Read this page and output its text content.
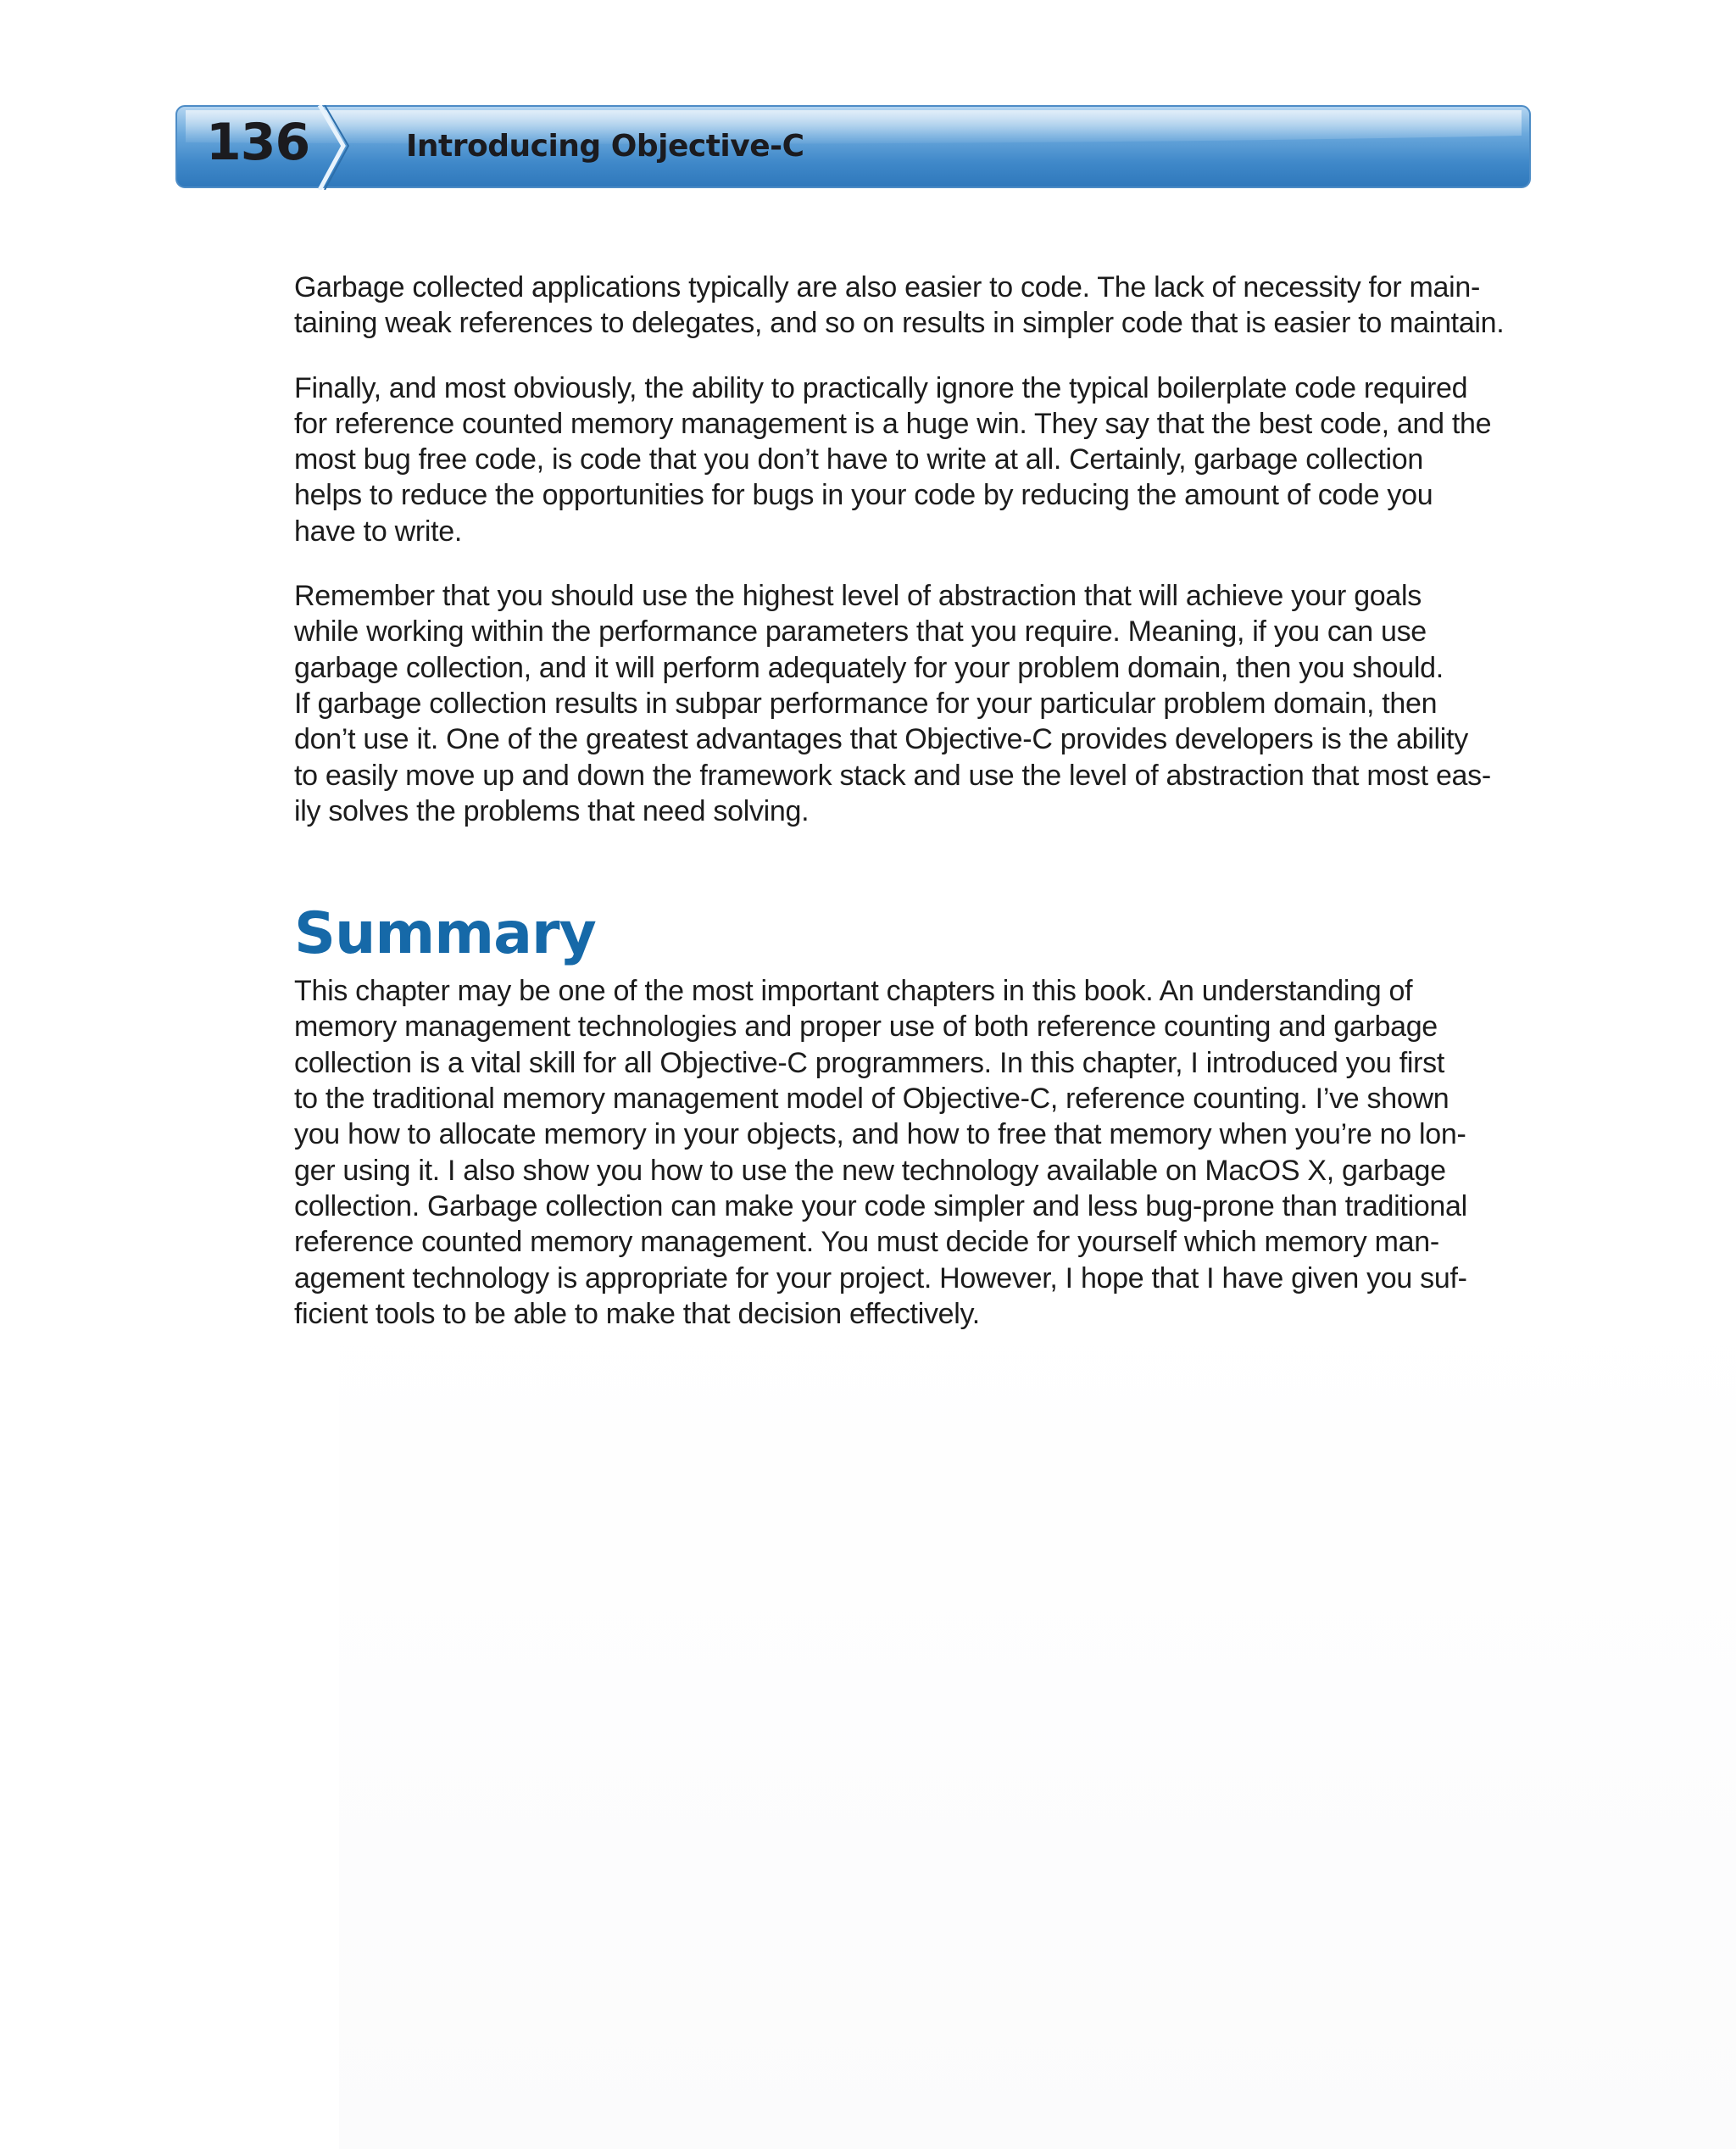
136	Introducing Objective-C

Garbage collected applications typically are also easier to code. The lack of necessity for main-
taining weak references to delegates, and so on results in simpler code that is easier to maintain.

Finally, and most obviously, the ability to practically ignore the typical boilerplate code required
for reference counted memory management is a huge win. They say that the best code, and the
most bug free code, is code that you don’t have to write at all. Certainly, garbage collection
helps to reduce the opportunities for bugs in your code by reducing the amount of code you
have to write.

Remember that you should use the highest level of abstraction that will achieve your goals
while working within the performance parameters that you require. Meaning, if you can use
garbage collection, and it will perform adequately for your problem domain, then you should.
If garbage collection results in subpar performance for your particular problem domain, then
don’t use it. One of the greatest advantages that Objective-C provides developers is the ability
to easily move up and down the framework stack and use the level of abstraction that most eas-
ily solves the problems that need solving.

Summary

This chapter may be one of the most important chapters in this book. An understanding of
memory management technologies and proper use of both reference counting and garbage
collection is a vital skill for all Objective-C programmers. In this chapter, I introduced you first
to the traditional memory management model of Objective-C, reference counting. I’ve shown
you how to allocate memory in your objects, and how to free that memory when you’re no lon-
ger using it. I also show you how to use the new technology available on MacOS X, garbage
collection. Garbage collection can make your code simpler and less bug-prone than traditional
reference counted memory management. You must decide for yourself which memory man-
agement technology is appropriate for your project. However, I hope that I have given you suf-
ficient tools to be able to make that decision effectively.
